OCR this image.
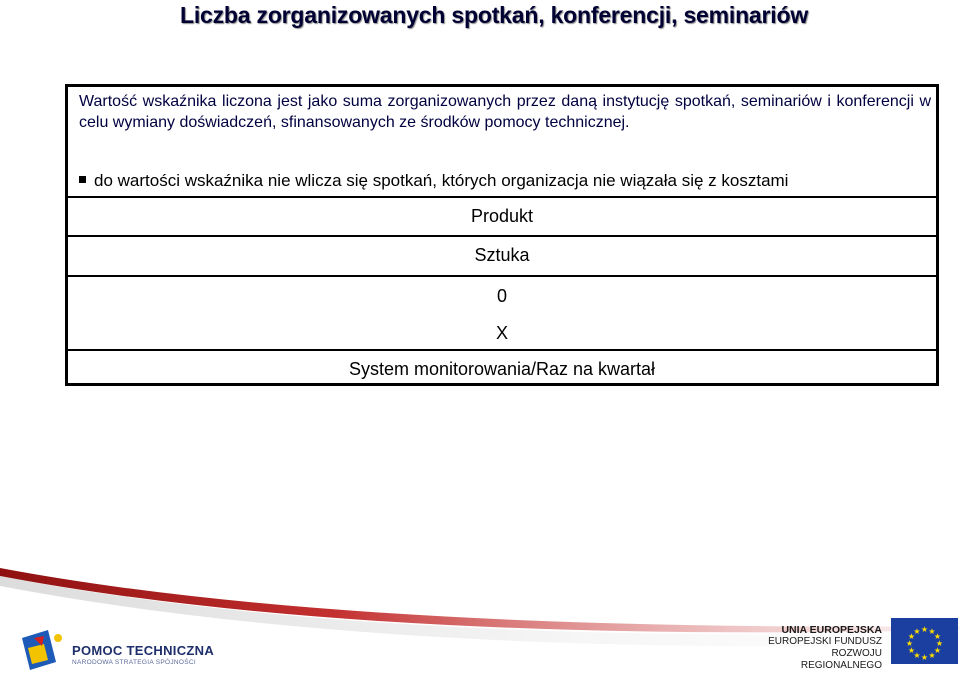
Liczba zorganizowanych spotkań, konferencji, seminariów
Wartość wskaźnika liczona jest jako suma zorganizowanych przez daną instytucję spotkań, seminariów i konferencji w celu wymiany doświadczeń, sfinansowanych ze środków pomocy technicznej.
do wartości wskaźnika nie wlicza się spotkań, których organizacja nie wiązała się z kosztami
Produkt
Sztuka
0
X
System monitorowania/Raz na kwartał
★ ★
★
★
★
★
★
★
★
★
★
★
POMOC TECHNICZNA
NARODOWA STRATEGIA SPÓJNOŚCI
UNIA EUROPEJSKA
EUROPEJSKI FUNDUSZ
ROZWOJU REGIONALNEGO
